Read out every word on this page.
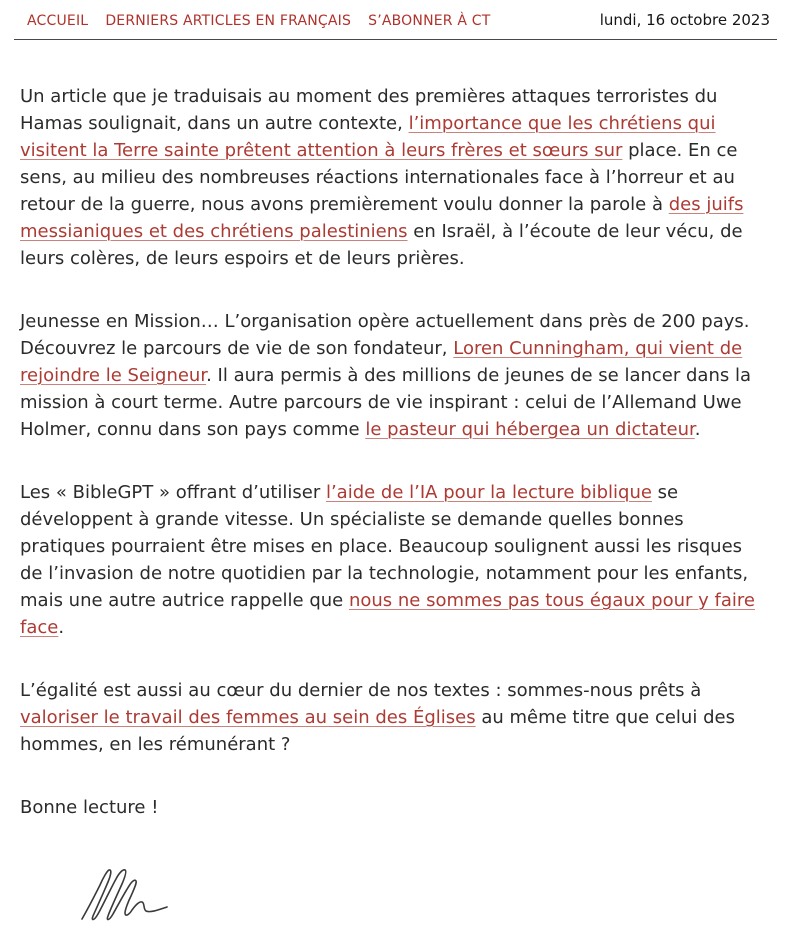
ACCUEIL DERNIERS ARTICLES EN FRANÇAIS S’ABONNER À CT	lundi, 16 octobre 2023

Un article que je traduisais au moment des premières attaques terroristes du Hamas soulignait, dans un autre contexte, l’importance que les chrétiens qui visitent la Terre sainte prêtent attention à leurs frères et sœurs sur place. En ce sens, au milieu des nombreuses réactions internationales face à l’horreur et au retour de la guerre, nous avons premièrement voulu donner la parole à des juifs messianiques et des chrétiens palestiniens en Israël, à l’écoute de leur vécu, de leurs colères, de leurs espoirs et de leurs prières.

Jeunesse en Mission… L’organisation opère actuellement dans près de 200 pays. Découvrez le parcours de vie de son fondateur, Loren Cunningham, qui vient de rejoindre le Seigneur. Il aura permis à des millions de jeunes de se lancer dans la mission à court terme. Autre parcours de vie inspirant : celui de l’Allemand Uwe Holmer, connu dans son pays comme le pasteur qui hébergea un dictateur.

Les « BibleGPT » offrant d’utiliser l’aide de l’IA pour la lecture biblique se développent à grande vitesse. Un spécialiste se demande quelles bonnes pratiques pourraient être mises en place. Beaucoup soulignent aussi les risques de l’invasion de notre quotidien par la technologie, notamment pour les enfants, mais une autre autrice rappelle que nous ne sommes pas tous égaux pour y faire face.

L’égalité est aussi au cœur du dernier de nos textes : sommes-nous prêts à valoriser le travail des femmes au sein des Églises au même titre que celui des hommes, en les rémunérant ?

Bonne lecture !
